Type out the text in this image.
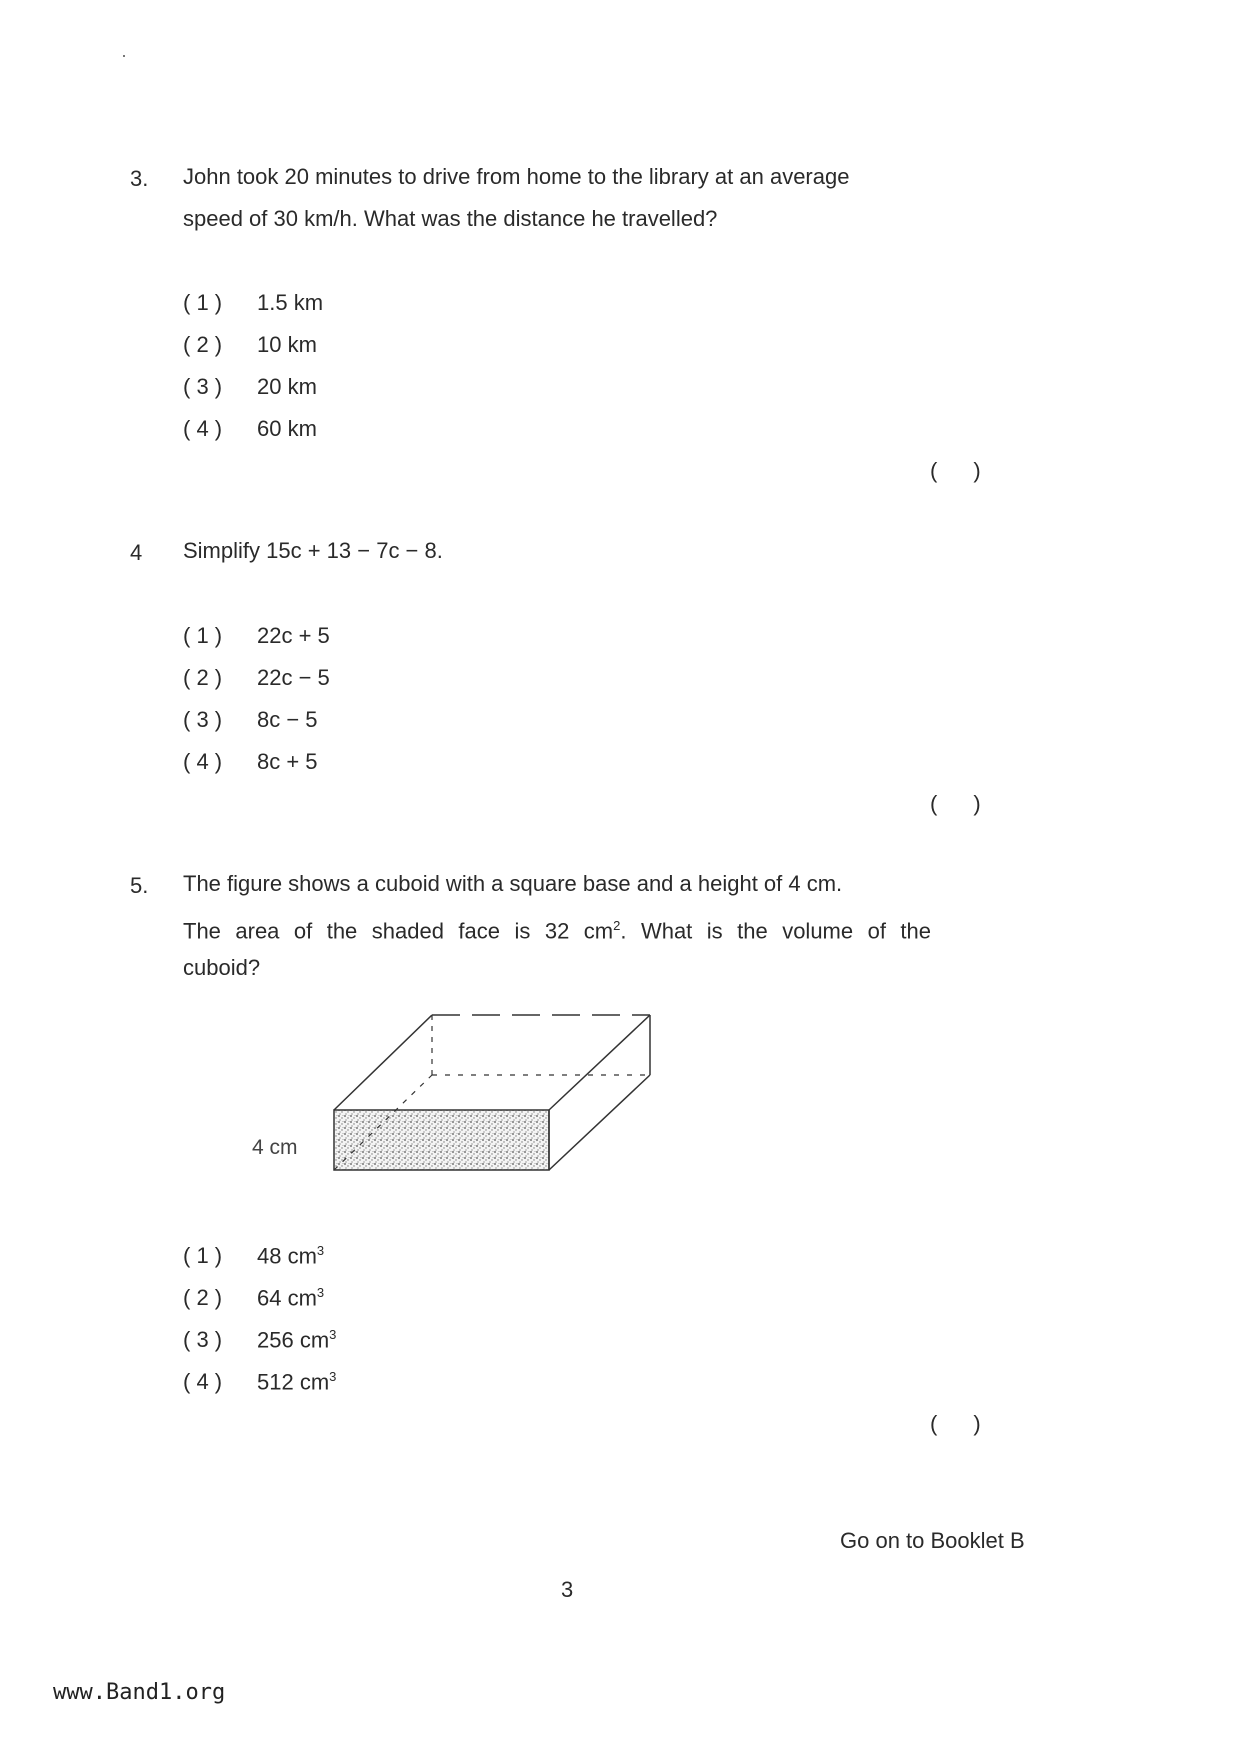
3. John took 20 minutes to drive from home to the library at an average
speed of 30 km/h. What was the distance he travelled?
( 1 ) 1.5 km
( 2 ) 10 km
( 3 ) 20 km
( 4 ) 60 km
( )
4 Simplify 15c + 13 − 7c − 8.
( 1 ) 22c + 5
( 2 ) 22c − 5
( 3 ) 8c − 5
( 4 ) 8c + 5
( )
5. The figure shows a cuboid with a square base and a height of 4 cm.
The area of the shaded face is 32 $cm^2$. What is the volume of the
cuboid?
4 cm
( 1 ) 48 $cm^3$
( 2 ) 64 $cm^3$
( 3 ) 256 $cm^3$
( 4 ) 512 $cm^3$
( )
Go on to Booklet B
3
www.Band1.org
